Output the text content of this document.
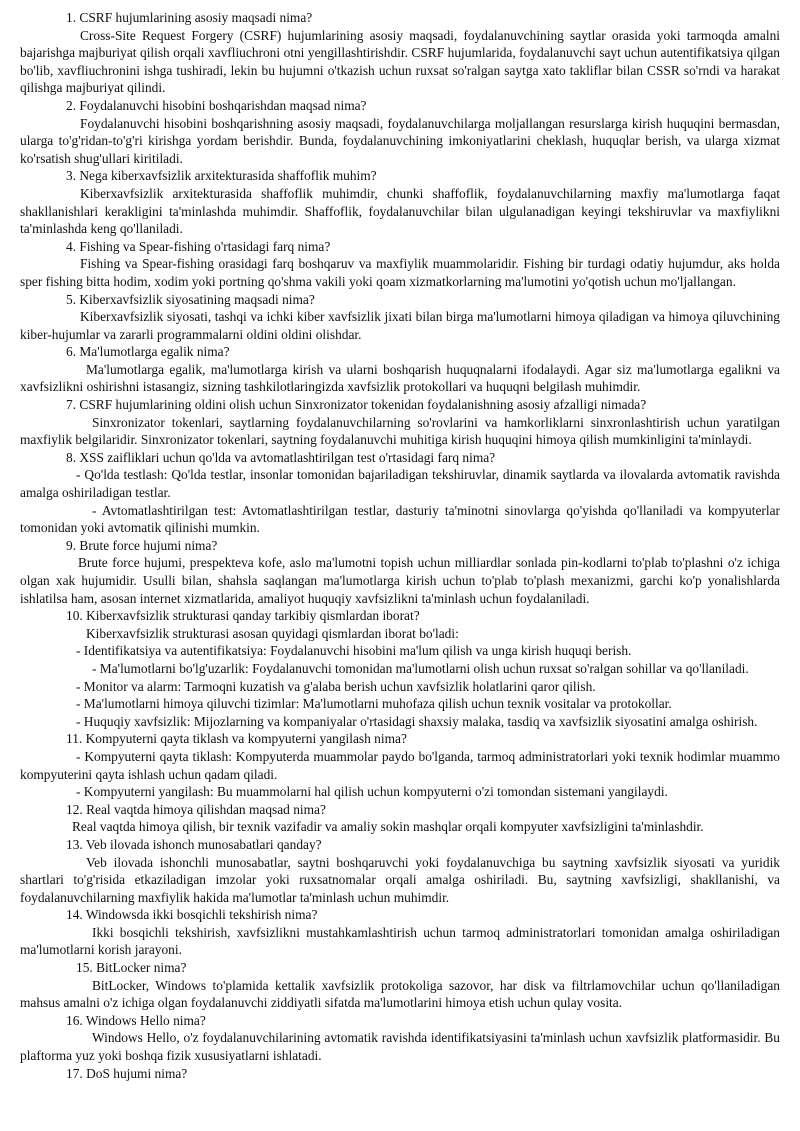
1. CSRF hujumlarining asosiy maqsadi nima?

Cross-Site Request Forgery (CSRF) hujumlarining asosiy maqsadi, foydalanuvchining saytlar orasida yoki tarmoqda amalni bajarishga majburiyat qilish orqali xavfliuchroni otni yengillashtirishdir. CSRF hujumlarida, foydalanuvchi sayt uchun autentifikatsiya qilgan bo'lib, xavfliuchronini ishga tushiradi, lekin bu hujumni o'tkazish uchun ruxsat so'ralgan saytga xato takliflar bilan CSSR so'rndi va harakat qilishga majburiyat qilindi.

2. Foydalanuvchi hisobini boshqarishdan maqsad nima?

Foydalanuvchi hisobini boshqarishning asosiy maqsadi, foydalanuvchilarga moljallangan resurslarga kirish huquqini bermasdan, ularga to'g'ridan-to'g'ri kirishga yordam berishdir. Bunda, foydalanuvchining imkoniyatlarini cheklash, huquqlar berish, va ularga xizmat ko'rsatish shug'ullari kiritiladi.

3. Nega kiberxavfsizlik arxitekturasida shaffoflik muhim?

Kiberxavfsizlik arxitekturasida shaffoflik muhimdir, chunki shaffoflik, foydalanuvchilarning maxfiy ma'lumotlarga faqat shakllanishlari kerakligini ta'minlashda muhimdir. Shaffoflik, foydalanuvchilar bilan ulgulanadigan keyingi tekshiruvlar va maxfiylikni ta'minlashda keng qo'llaniladi.

4. Fishing va Spear-fishing o'rtasidagi farq nima?

Fishing va Spear-fishing orasidagi farq boshqaruv va maxfiylik muammolaridir. Fishing bir turdagi odatiy hujumdur, aks holda sper fishing bitta hodim, xodim yoki portning qo'shma vakili yoki qoam xizmatkorlarning ma'lumotini yo'qotish uchun mo'ljallangan.

5. Kiberxavfsizlik siyosatining maqsadi nima?

Kiberxavfsizlik siyosati, tashqi va ichki kiber xavfsizlik jixati bilan birga ma'lumotlarni himoya qiladigan va himoya qiluvchining kiber-hujumlar va zararli programmalarni oldini oldini olishdar.

6. Ma'lumotlarga egalik nima?

Ma'lumotlarga egalik, ma'lumotlarga kirish va ularni boshqarish huquqnalarni ifodalaydi. Agar siz ma'lumotlarga egalikni va xavfsizlikni oshirishni istasangiz, sizning tashkilotlaringizda xavfsizlik protokollari va huquqni belgilash muhimdir.

7. CSRF hujumlarining oldini olish uchun Sinxronizator tokenidan foydalanishning asosiy afzalligi nimada?

Sinxronizator tokenlari, saytlarning foydalanuvchilarning so'rovlarini va hamkorliklarni sinxronlashtirish uchun yaratilgan maxfiylik belgilaridir. Sinxronizator tokenlari, saytning foydalanuvchi muhitiga kirish huquqini himoya qilish mumkinligini ta'minlaydi.

8. XSS zaifliklari uchun qo'lda va avtomatlashtirilgan test o'rtasidagi farq nima?

- Qo'lda testlash: Qo'lda testlar, insonlar tomonidan bajariladigan tekshiruvlar, dinamik saytlarda va ilovalarda avtomatik ravishda amalga oshiriladigan testlar.

- Avtomatlashtirilgan test: Avtomatlashtirilgan testlar, dasturiy ta'minotni sinovlarga qo'yishda qo'llaniladi va kompyuterlar tomonidan yoki avtomatik qilinishi mumkin.

9. Brute force hujumi nima?

Brute force hujumi, prespekteva kofe, aslo ma'lumotni topish uchun milliardlar sonlada pin-kodlarni to'plab to'plashni o'z ichiga olgan xak hujumidir. Usulli bilan, shahsla saqlangan ma'lumotlarga kirish uchun to'plab to'plash mexanizmi, garchi ko'p yonalishlarda ishlatilsa ham, asosan internet xizmatlarida, amaliyot huquqiy xavfsizlikni ta'minlash uchun foydalaniladi.

10. Kiberxavfsizlik strukturasi qanday tarkibiy qismlardan iborat?

Kiberxavfsizlik strukturasi asosan quyidagi qismlardan iborat bo'ladi:

- Identifikatsiya va autentifikatsiya: Foydalanuvchi hisobini ma'lum qilish va unga kirish huquqi berish.

- Ma'lumotlarni bo'lg'uzarlik: Foydalanuvchi tomonidan ma'lumotlarni olish uchun ruxsat so'ralgan sohillar va qo'llaniladi.

- Monitor va alarm: Tarmoqni kuzatish va g'alaba berish uchun xavfsizlik holatlarini qaror qilish.

- Ma'lumotlarni himoya qiluvchi tizimlar: Ma'lumotlarni muhofaza qilish uchun texnik vositalar va protokollar.

- Huquqiy xavfsizlik: Mijozlarning va kompaniyalar o'rtasidagi shaxsiy malaka, tasdiq va xavfsizlik siyosatini amalga oshirish.

11. Kompyuterni qayta tiklash va kompyuterni yangilash nima?

- Kompyuterni qayta tiklash: Kompyuterda muammolar paydo bo'lganda, tarmoq administratorlari yoki texnik hodimlar muammo kompyuterini qayta ishlash uchun qadam qiladi.

- Kompyuterni yangilash: Bu muammolarni hal qilish uchun kompyuterni o'zi tomondan sistemani yangilaydi.

12. Real vaqtda himoya qilishdan maqsad nima?

Real vaqtda himoya qilish, bir texnik vazifadir va amaliy sokin mashqlar orqali kompyuter xavfsizligini ta'minlashdir.

13. Veb ilovada ishonch munosabatlari qanday?

Veb ilovada ishonchli munosabatlar, saytni boshqaruvchi yoki foydalanuvchiga bu saytning xavfsizlik siyosati va yuridik shartlari to'g'risida etkaziladigan imzolar yoki ruxsatnomalar orqali amalga oshiriladi. Bu, saytning xavfsizligi, shakllanishi, va foydalanuvchilarning maxfiylik hakida ma'lumotlar ta'minlash uchun muhimdir.

14. Windowsda ikki bosqichli tekshirish nima?

Ikki bosqichli tekshirish, xavfsizlikni mustahkamlashtirish uchun tarmoq administratorlari tomonidan amalga oshiriladigan ma'lumotlarni korish jarayoni.

15. BitLocker nima?

BitLocker, Windows to'plamida kettalik xavfsizlik protokoliga sazovor, har disk va filtrlamovchilar uchun qo'llaniladigan mahsus amalni o'z ichiga olgan foydalanuvchi ziddiyatli sifatda ma'lumotlarini himoya etish uchun qulay vosita.

16. Windows Hello nima?

Windows Hello, o'z foydalanuvchilarining avtomatik ravishda identifikatsiyasini ta'minlash uchun xavfsizlik platformasidir. Bu plaftorma yuz yoki boshqa fizik xususiyatlarni ishlatadi.

17. DoS hujumi nima?
